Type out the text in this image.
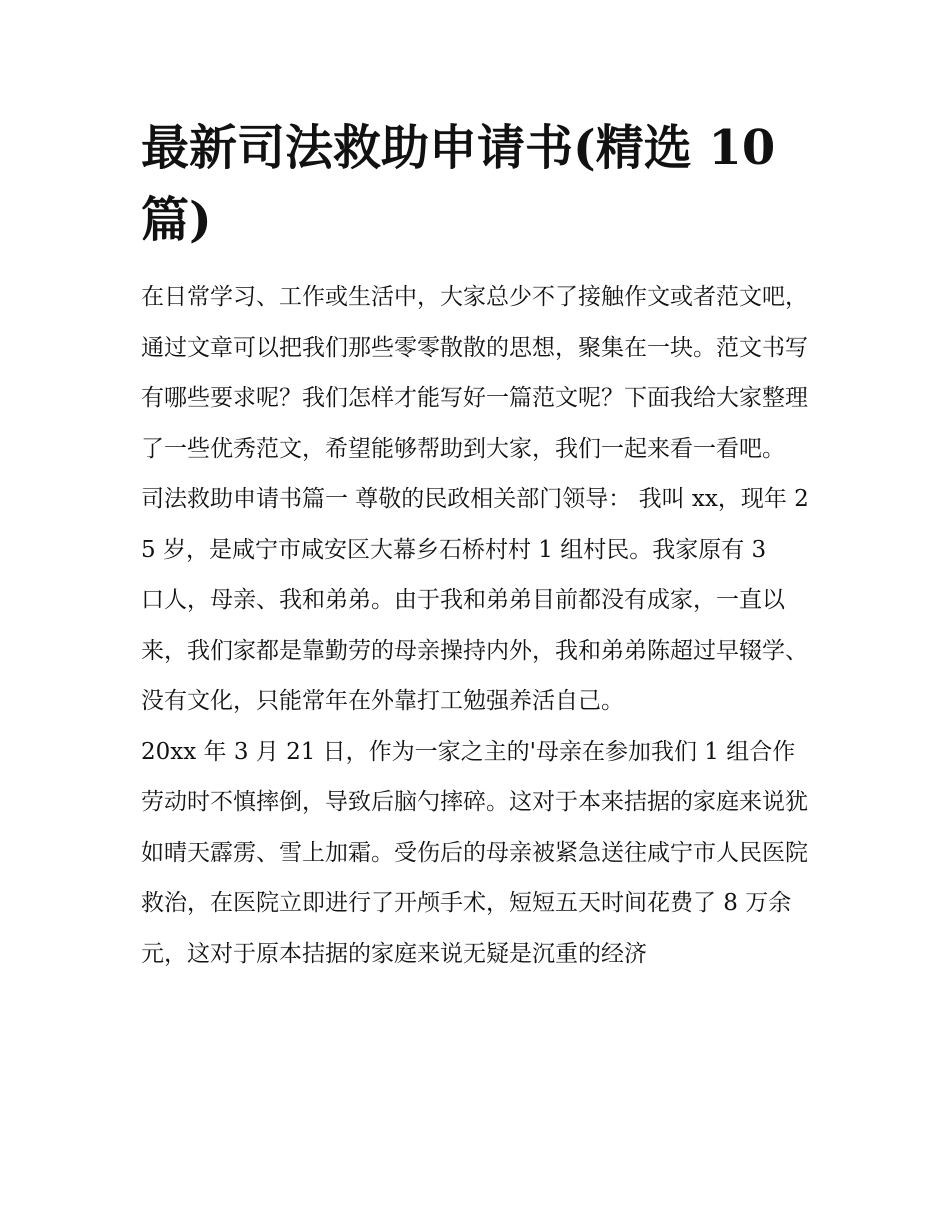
最新司法救助申请书(精选 10 篇)

在日常学习、工作或生活中，大家总少不了接触作文或者范文吧，通过文章可以把我们那些零零散散的思想，聚集在一块。范文书写有哪些要求呢？我们怎样才能写好一篇范文呢？下面我给大家整理了一些优秀范文，希望能够帮助到大家，我们一起来看一看吧。

司法救助申请书篇一 尊敬的民政相关部门领导： 我叫 xx，现年 25 岁，是咸宁市咸安区大幕乡石桥村村 1 组村民。我家原有 3

口人，母亲、我和弟弟。由于我和弟弟目前都没有成家，一直以来，我们家都是靠勤劳的母亲操持内外，我和弟弟陈超过早辍学、没有文化，只能常年在外靠打工勉强养活自己。

20xx 年 3 月 21 日，作为一家之主的'母亲在参加我们 1 组合作劳动时不慎摔倒，导致后脑勺摔碎。这对于本来拮据的家庭来说犹如晴天霹雳、雪上加霜。受伤后的母亲被紧急送往咸宁市人民医院救治，在医院立即进行了开颅手术，短短五天时间花费了 8 万余元，这对于原本拮据的家庭来说无疑是沉重的经济
